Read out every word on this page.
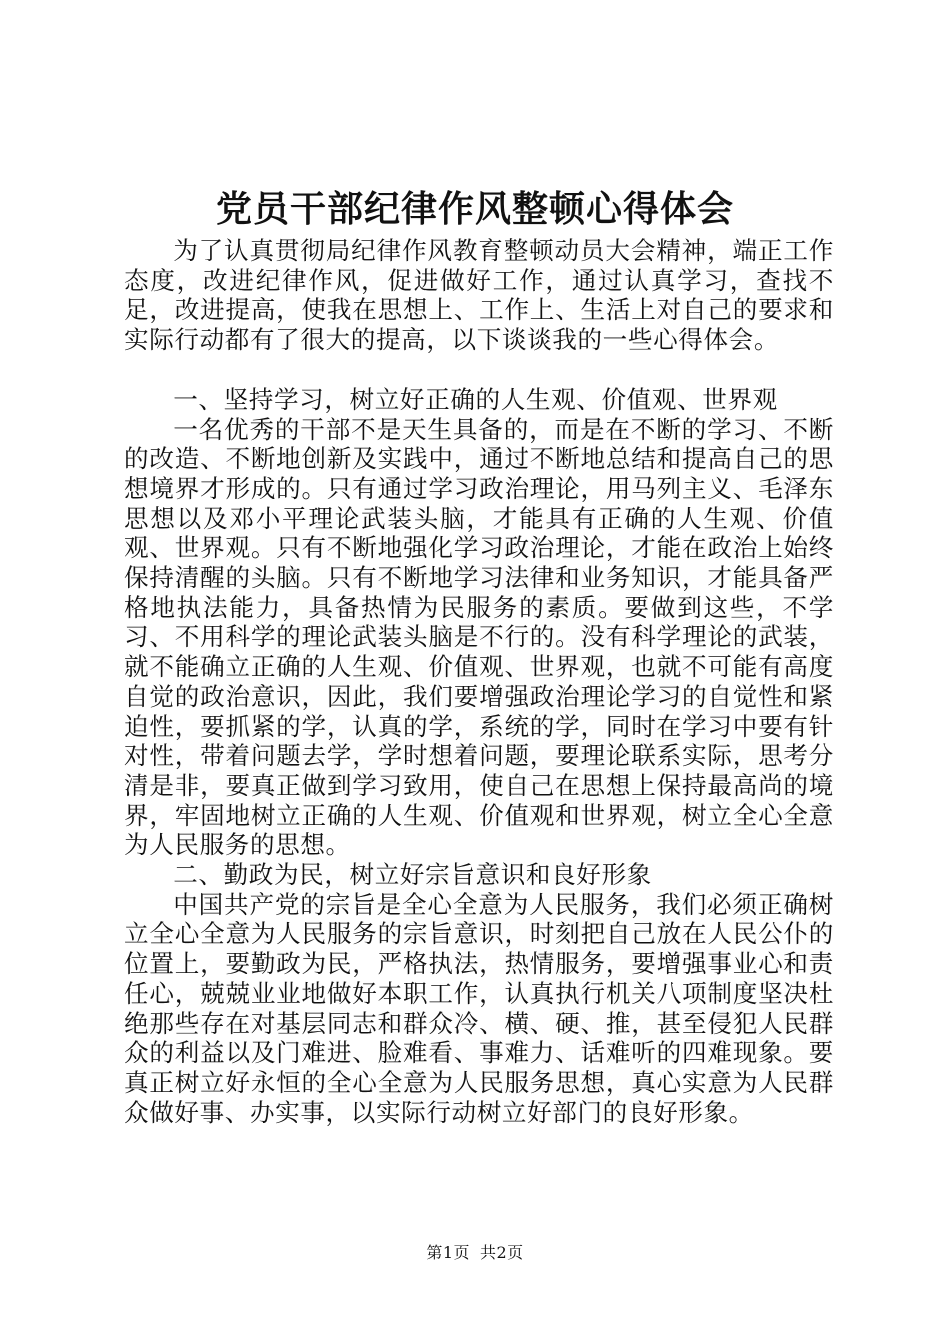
党员干部纪律作风整顿心得体会

为了认真贯彻局纪律作风教育整顿动员大会精神，端正工作态度，改进纪律作风，促进做好工作，通过认真学习，查找不足，改进提高，使我在思想上、工作上、生活上对自己的要求和实际行动都有了很大的提高，以下谈谈我的一些心得体会。

一、坚持学习，树立好正确的人生观、价值观、世界观

一名优秀的干部不是天生具备的，而是在不断的学习、不断的改造、不断地创新及实践中，通过不断地总结和提高自己的思想境界才形成的。只有通过学习政治理论，用马列主义、毛泽东思想以及邓小平理论武装头脑，才能具有正确的人生观、价值观、世界观。只有不断地强化学习政治理论，才能在政治上始终保持清醒的头脑。只有不断地学习法律和业务知识，才能具备严格地执法能力，具备热情为民服务的素质。要做到这些，不学习、不用科学的理论武装头脑是不行的。没有科学理论的武装，就不能确立正确的人生观、价值观、世界观，也就不可能有高度自觉的政治意识，因此，我们要增强政治理论学习的自觉性和紧迫性，要抓紧的学，认真的学，系统的学，同时在学习中要有针对性，带着问题去学，学时想着问题，要理论联系实际，思考分清是非，要真正做到学习致用，使自己在思想上保持最高尚的境界，牢固地树立正确的人生观、价值观和世界观，树立全心全意为人民服务的思想。

二、勤政为民，树立好宗旨意识和良好形象

中国共产党的宗旨是全心全意为人民服务，我们必须正确树立全心全意为人民服务的宗旨意识，时刻把自己放在人民公仆的位置上，要勤政为民，严格执法，热情服务，要增强事业心和责任心，兢兢业业地做好本职工作，认真执行机关八项制度坚决杜绝那些存在对基层同志和群众冷、横、硬、推，甚至侵犯人民群众的利益以及门难进、脸难看、事难力、话难听的四难现象。要真正树立好永恒的全心全意为人民服务思想，真心实意为人民群众做好事、办实事，以实际行动树立好部门的良好形象。

第1页 共2页
